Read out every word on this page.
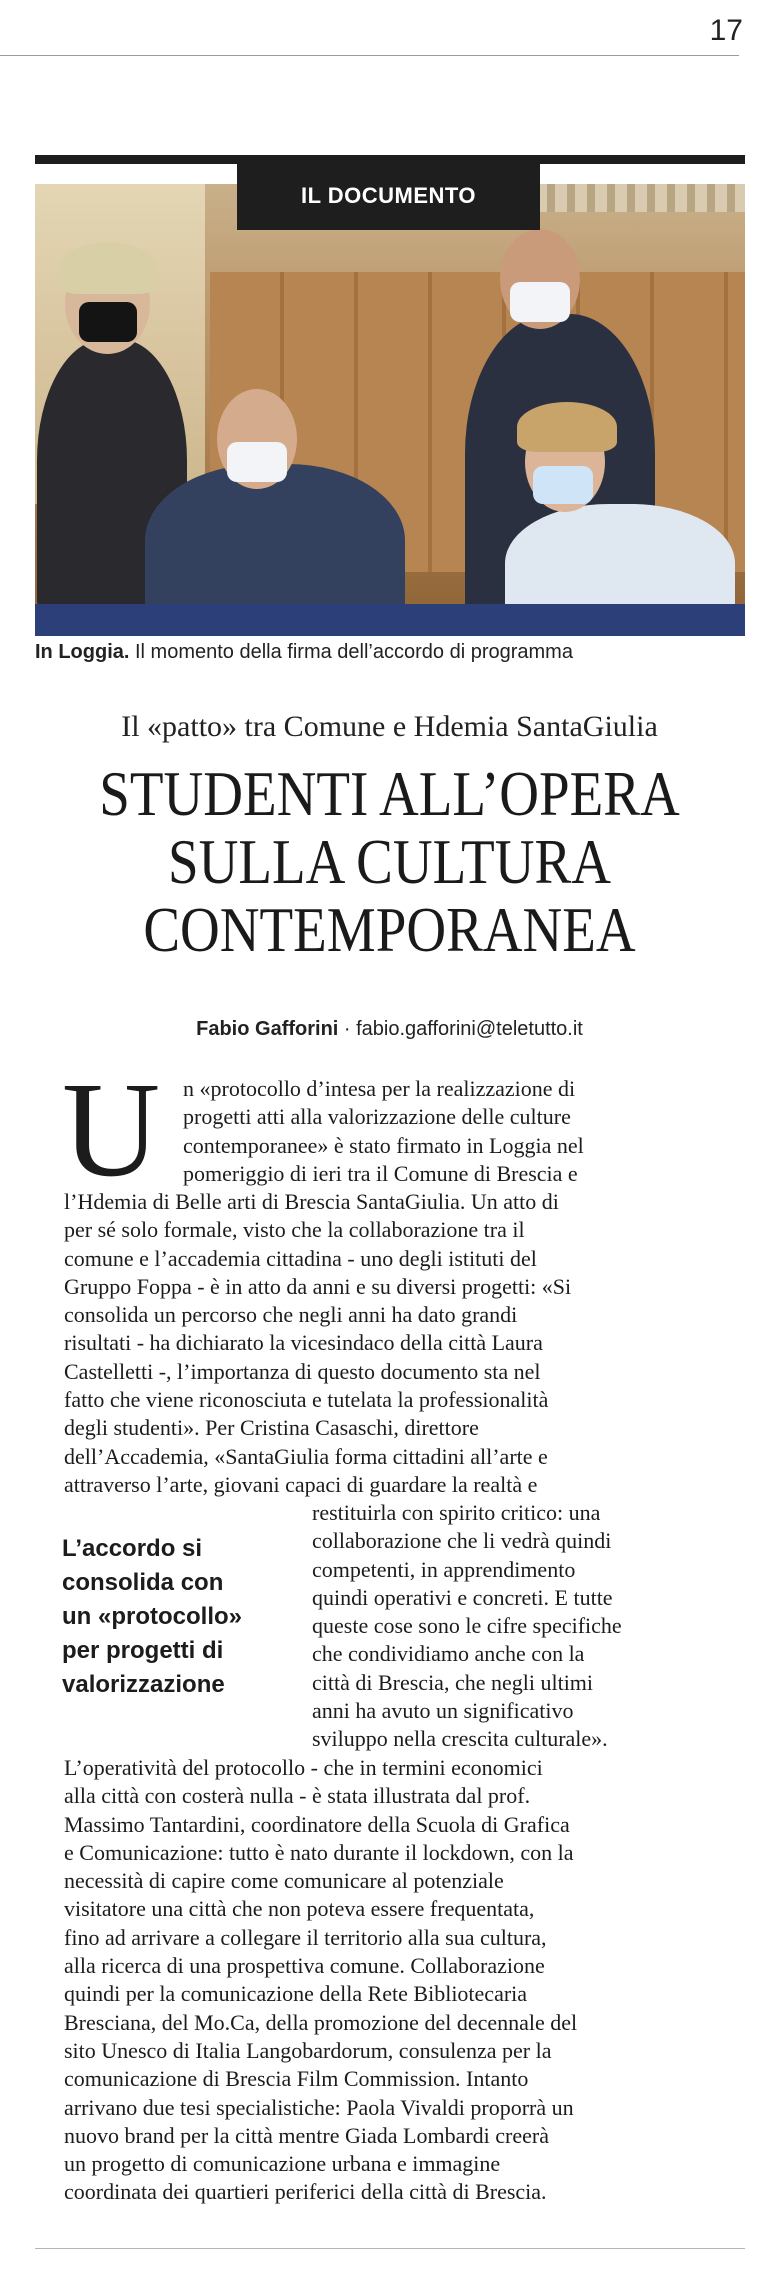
17
IL DOCUMENTO
In Loggia. Il momento della firma dell’accordo di programma
Il «patto» tra Comune e Hdemia SantaGiulia
STUDENTI ALL’OPERA
SULLA CULTURA
CONTEMPORANEA
Fabio Gafforini · fabio.gafforini@teletutto.it
U n «protocollo d’intesa per la realizzazione di
progetti atti alla valorizzazione delle culture
contemporanee» è stato firmato in Loggia nel
pomeriggio di ieri tra il Comune di Brescia e
l’Hdemia di Belle arti di Brescia SantaGiulia. Un atto di
per sé solo formale, visto che la collaborazione tra il
comune e l’accademia cittadina - uno degli istituti del
Gruppo Foppa - è in atto da anni e su diversi progetti: «Si
consolida un percorso che negli anni ha dato grandi
risultati - ha dichiarato la vicesindaco della città Laura
Castelletti -, l’importanza di questo documento sta nel
fatto che viene riconosciuta e tutelata la professionalità
degli studenti». Per Cristina Casaschi, direttore
dell’Accademia, «SantaGiulia forma cittadini all’arte e
attraverso l’arte, giovani capaci di guardare la realtà e
restituirla con spirito critico: una
collaborazione che li vedrà quindi
competenti, in apprendimento
quindi operativi e concreti. E tutte
queste cose sono le cifre specifiche
che condividiamo anche con la
città di Brescia, che negli ultimi
anni ha avuto un significativo
sviluppo nella crescita culturale».
L’accordo si
consolida con
un «protocollo»
per progetti di
valorizzazione
L’operatività del protocollo - che in termini economici
alla città con costerà nulla - è stata illustrata dal prof.
Massimo Tantardini, coordinatore della Scuola di Grafica
e Comunicazione: tutto è nato durante il lockdown, con la
necessità di capire come comunicare al potenziale
visitatore una città che non poteva essere frequentata,
fino ad arrivare a collegare il territorio alla sua cultura,
alla ricerca di una prospettiva comune. Collaborazione
quindi per la comunicazione della Rete Bibliotecaria
Bresciana, del Mo.Ca, della promozione del decennale del
sito Unesco di Italia Langobardorum, consulenza per la
comunicazione di Brescia Film Commission. Intanto
arrivano due tesi specialistiche: Paola Vivaldi proporrà un
nuovo brand per la città mentre Giada Lombardi creerà
un progetto di comunicazione urbana e immagine
coordinata dei quartieri periferici della città di Brescia.
